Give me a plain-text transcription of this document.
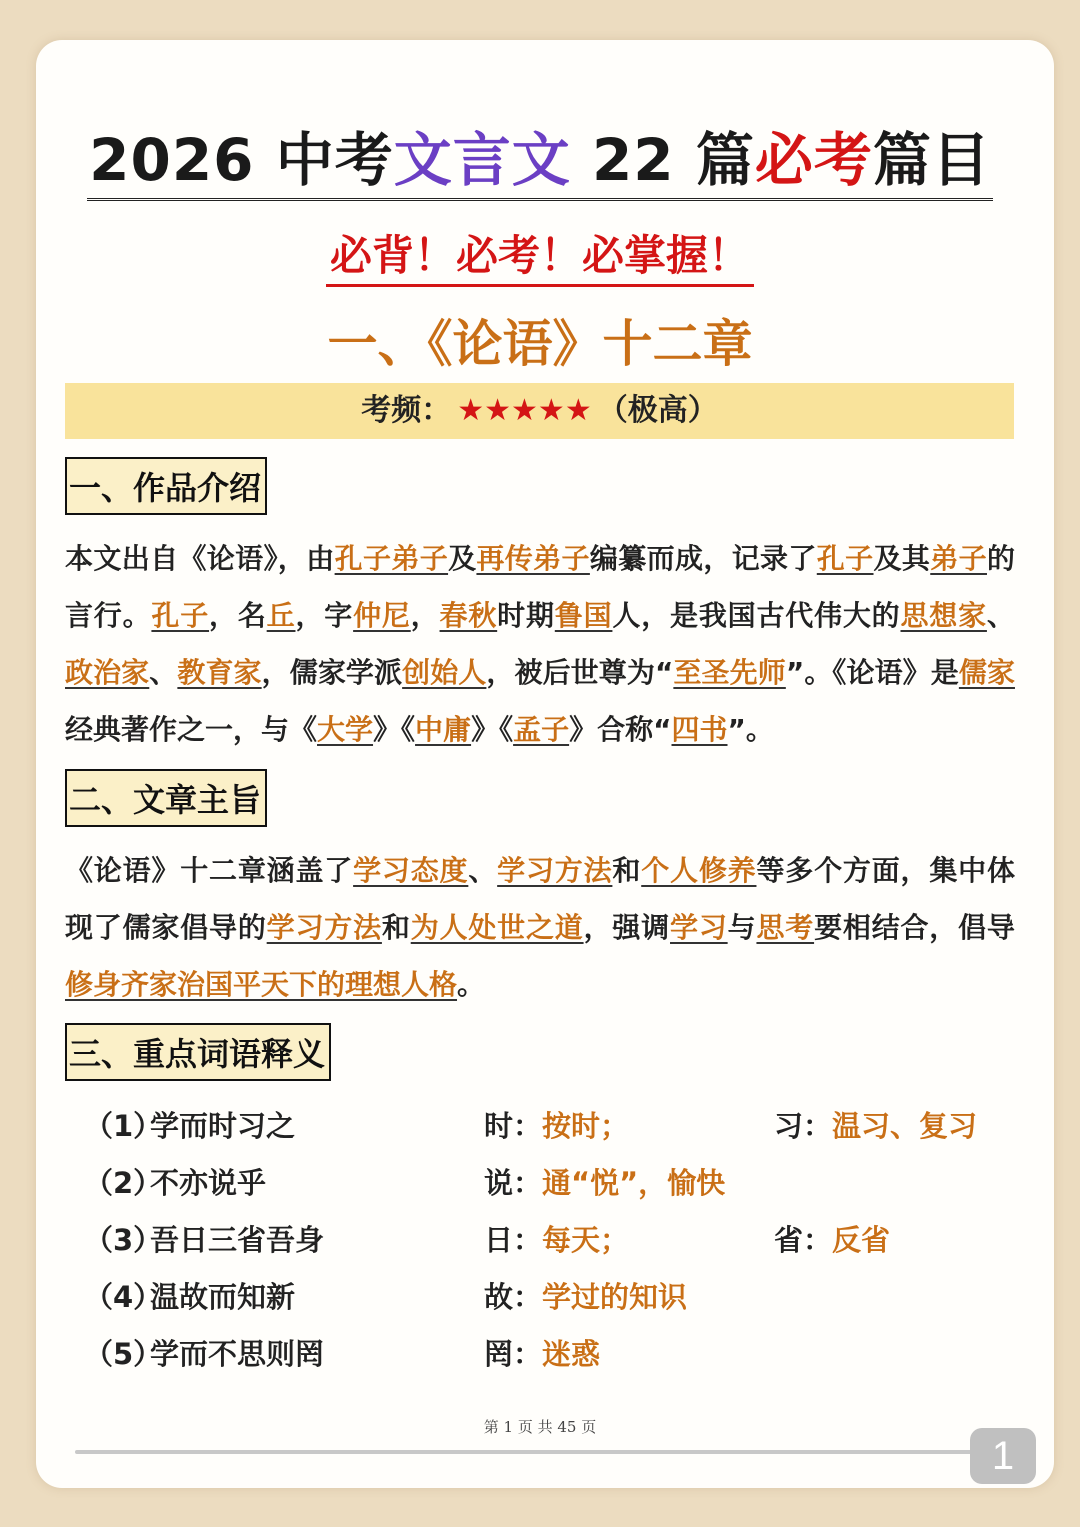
2026 中考文言文 22 篇必考篇目
必背！必考！必掌握！
一、《论语》十二章
考频： ★★★★★ （极高）
一、作品介绍
本文出自《论语》，由孔子弟子及再传弟子编纂而成，记录了孔子及其弟子的言行。孔子，名丘，字仲尼，春秋时期鲁国人，是我国古代伟大的思想家、政治家、教育家，儒家学派创始人，被后世尊为“至圣先师”。《论语》是儒家经典著作之一，与《大学》《中庸》《孟子》合称“四书”。
二、文章主旨
《论语》十二章涵盖了学习态度、学习方法和个人修养等多个方面，集中体现了儒家倡导的学习方法和为人处世之道，强调学习与思考要相结合，倡导修身齐家治国平天下的理想人格。
三、重点词语释义
（1）
学而时习之	时：按时；	习：温习、复习
（2）
不亦说乎	说：通“悦”，愉快
（3）
吾日三省吾身	日：每天；	省：反省
（4）
温故而知新	故：学过的知识
（5）
学而不思则罔	罔：迷惑
第 1 页 共 45 页
1
